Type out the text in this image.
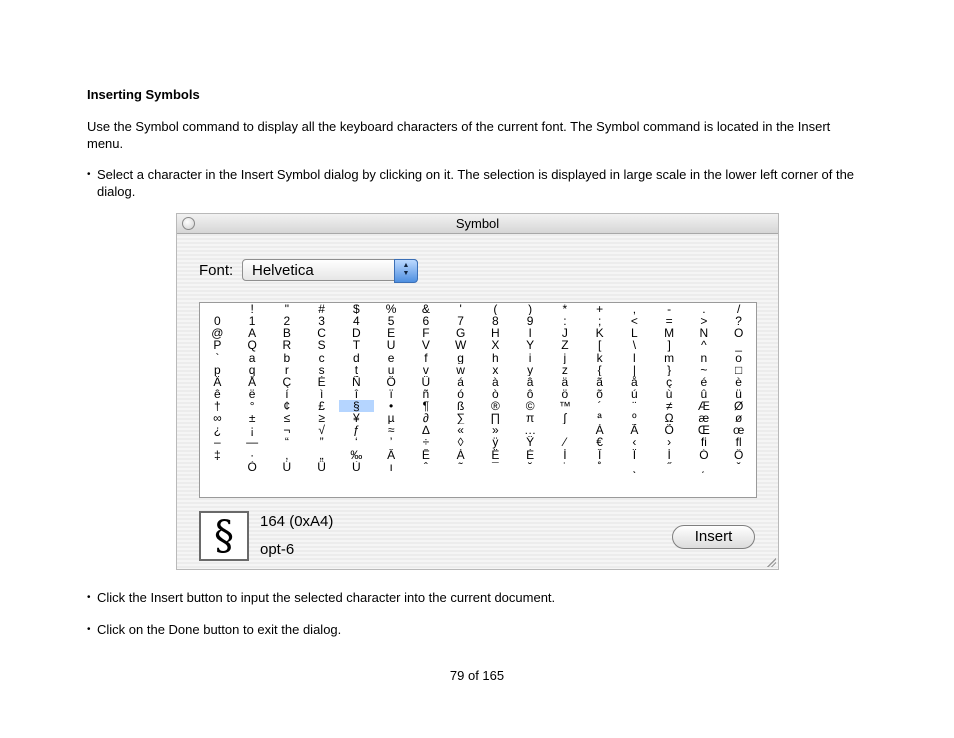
Inserting Symbols
Use the Symbol command to display all the keyboard characters of the current font. The Symbol command is located in the Insert menu.
• Select a character in the Insert Symbol dialog by clicking on it. The selection is displayed in large scale in the lower left corner of the dialog.
Symbol
Font: Helvetica	▲
▼
!	"	#	$	%	&	'	(	)	*	+	,	-	.	/
0	1	2	3	4	5	6	7	8	9	:	;	<	=	>	?
@	A	B	C	D	E	F	G	H	I	J	K	L	M	N	O
P	Q	R	S	T	U	V	W	X	Y	Z	[	\	]	^	_
`	a	b	c	d	e	f	g	h	i	j	k	l	m	n	o
p	q	r	s	t	u	v	w	x	y	z	{	|	}	~	□
Ä	Å	Ç	É	Ñ	Ö	Ü	á	à	â	ä	ã	å	ç	é	è
ê	ë	í	ì	î	ï	ñ	ó	ò	ô	ö	õ	ú	ù	û	ü
†	°	¢	£	§	•	¶	ß	®	©	™	´	¨	≠	Æ	Ø
∞	±	≤	≥	¥	µ	∂	∑	∏	π	∫	ª	º	Ω	æ	ø
¿	¡	¬	√	ƒ	≈	∆	«	»	…	À	Ã	Õ	Œ	œ
–	—	“	”	‘	’	÷	◊	ÿ	Ÿ	⁄	€	‹	›	ﬁ	ﬂ
‡	·	‚	„	‰	Â	Ê	Á	Ë	È	Í	Î	Ï	Ì	Ó	Ô
Ò	Ú	Û	Ù	ı	ˆ	˜	¯	˘	˙	˚	¸	˝	˛	ˇ
§	164 (0xA4)
opt-6
Insert
• Click the Insert button to input the selected character into the current document.
• Click on the Done button to exit the dialog.
79 of 165
